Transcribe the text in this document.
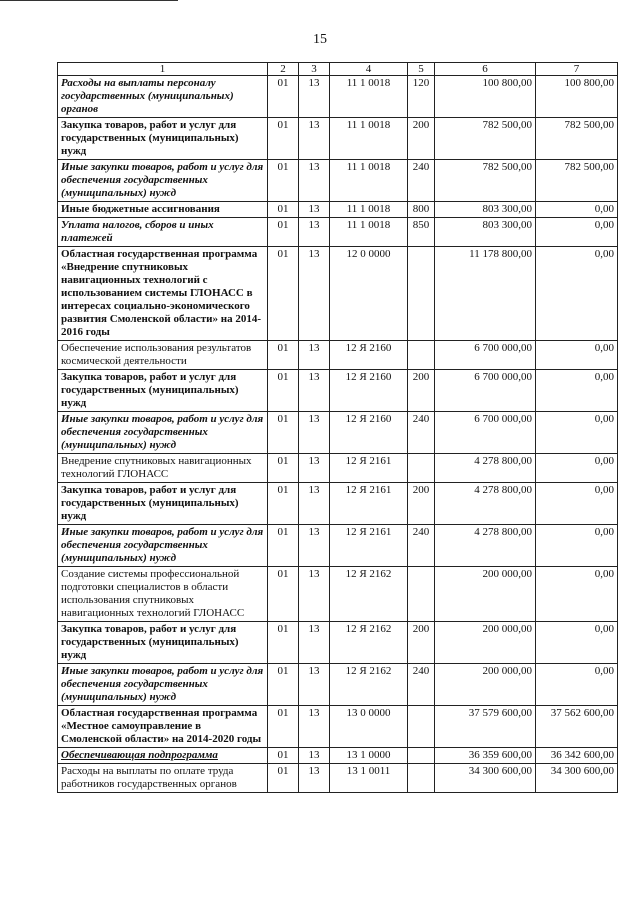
15
1	2	3	4	5	6	7
Расходы на выплаты персоналу государственных (муниципальных) органов	01	13	11 1 0018	120	100 800,00	100 800,00
Закупка товаров, работ и услуг для государственных (муниципальных) нужд	01	13	11 1 0018	200	782 500,00	782 500,00
Иные закупки товаров, работ и услуг для обеспечения государственных (муниципальных) нужд	01	13	11 1 0018	240	782 500,00	782 500,00
Иные бюджетные ассигнования	01	13	11 1 0018	800	803 300,00	0,00
Уплата налогов, сборов и иных платежей	01	13	11 1 0018	850	803 300,00	0,00
Областная государственная программа «Внедрение спутниковых навигационных технологий с использованием системы ГЛОНАСС в интересах социально-экономического развития Смоленской области» на 2014-2016 годы	01	13	12 0 0000		11 178 800,00	0,00
Обеспечение использования результатов космической деятельности	01	13	12 Я 2160		6 700 000,00	0,00
Закупка товаров, работ и услуг для государственных (муниципальных) нужд	01	13	12 Я 2160	200	6 700 000,00	0,00
Иные закупки товаров, работ и услуг для обеспечения государственных (муниципальных) нужд	01	13	12 Я 2160	240	6 700 000,00	0,00
Внедрение спутниковых навигационных технологий ГЛОНАСС	01	13	12 Я 2161		4 278 800,00	0,00
Закупка товаров, работ и услуг для государственных (муниципальных) нужд	01	13	12 Я 2161	200	4 278 800,00	0,00
Иные закупки товаров, работ и услуг для обеспечения государственных (муниципальных) нужд	01	13	12 Я 2161	240	4 278 800,00	0,00
Создание системы профессиональной подготовки специалистов в области использования спутниковых навигационных технологий ГЛОНАСС	01	13	12 Я 2162		200 000,00	0,00
Закупка товаров, работ и услуг для государственных (муниципальных) нужд	01	13	12 Я 2162	200	200 000,00	0,00
Иные закупки товаров, работ и услуг для обеспечения государственных (муниципальных) нужд	01	13	12 Я 2162	240	200 000,00	0,00
Областная государственная программа «Местное самоуправление в Смоленской области» на 2014-2020 годы	01	13	13 0 0000		37 579 600,00	37 562 600,00
Обеспечивающая подпрограмма	01	13	13 1 0000		36 359 600,00	36 342 600,00
Расходы на выплаты по оплате труда работников государственных органов	01	13	13 1 0011		34 300 600,00	34 300 600,00
